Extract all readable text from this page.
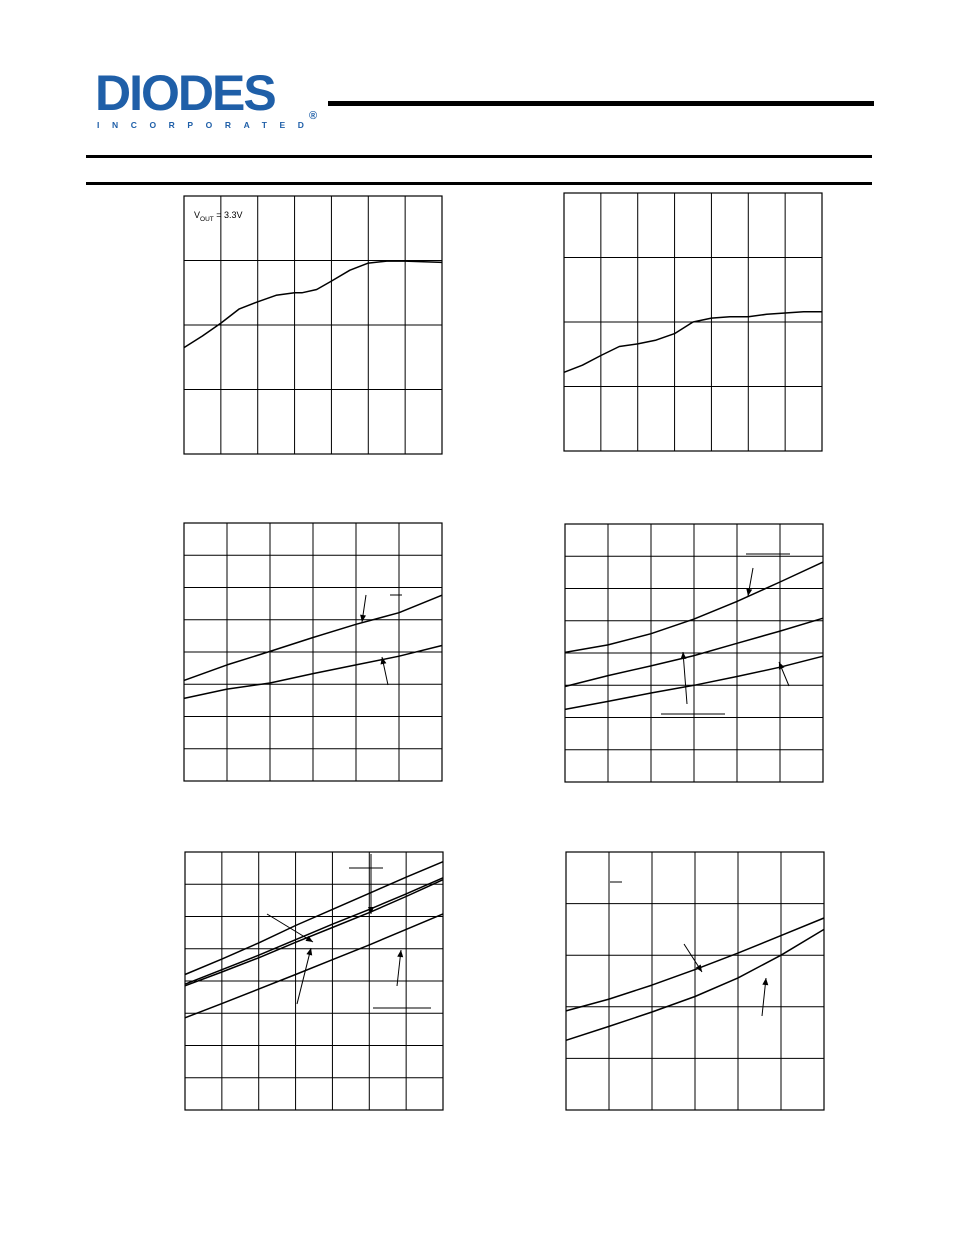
DIODES
INCORPORATED
®
$V_{OUT} = 3.3V$
